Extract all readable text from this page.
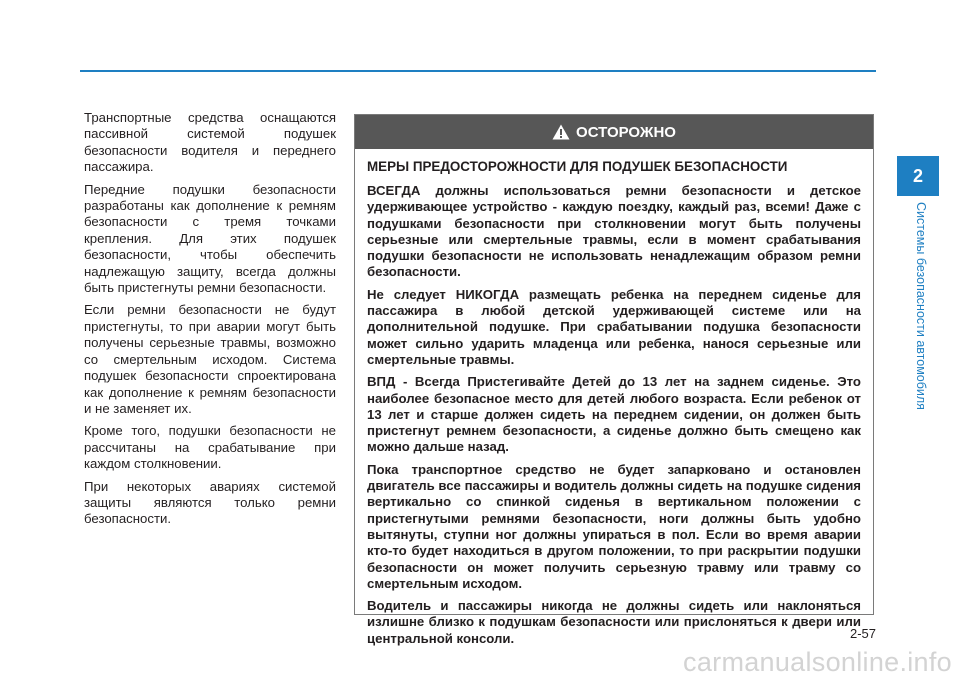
Транспортные средства оснащаются пассивной системой подушек безопасности водителя и переднего пассажира.

Передние подушки безопасности разработаны как дополнение к ремням безопасности с тремя точками крепления. Для этих подушек безопасности, чтобы обеспечить надлежащую защиту, всегда должны быть пристегнуты ремни безопасности.

Если ремни безопасности не будут пристегнуты, то при аварии могут быть получены серьезные травмы, возможно со смертельным исходом. Система подушек безопасности спроектирована как дополнение к ремням безопасности и не заменяет их.

Кроме того, подушки безопасности не рассчитаны на срабатывание при каждом столкновении.

При некоторых авариях системой защиты являются только ремни безопасности.

ОСТОРОЖНО
МЕРЫ ПРЕДОСТОРОЖНОСТИ ДЛЯ ПОДУШЕК БЕЗОПАСНОСТИ

ВСЕГДА должны использоваться ремни безопасности и детское удерживающее устройство - каждую поездку, каждый раз, всеми! Даже с подушками безопасности при столкновении могут быть получены серьезные или смертельные травмы, если в момент срабатывания подушки безопасности не использовать ненадлежащим образом ремни безопасности.

Не следует НИКОГДА размещать ребенка на переднем сиденье для пассажира в любой детской удерживающей системе или на дополнительной подушке. При срабатывании подушка безопасности может сильно ударить младенца или ребенка, нанося серьезные или смертельные травмы.

ВПД - Всегда Пристегивайте Детей до 13 лет на заднем сиденье. Это наиболее безопасное место для детей любого возраста. Если ребенок от 13 лет и старше должен сидеть на переднем сидении, он должен быть пристегнут ремнем безопасности, а сиденье должно быть смещено как можно дальше назад.

Пока транспортное средство не будет запарковано и остановлен двигатель все пассажиры и водитель должны сидеть на подушке сидения вертикально со спинкой сиденья в вертикальном положении с пристегнутыми ремнями безопасности, ноги должны быть удобно вытянуты, ступни ног должны упираться в пол. Если во время аварии кто-то будет находиться в другом положении, то при раскрытии подушки безопасности он может получить серьезную травму или травму со смертельным исходом.

Водитель и пассажиры никогда не должны сидеть или наклоняться излишне близко к подушкам безопасности или прислоняться к двери или центральной консоли.

2
Системы безопасности автомобиля
2-57
carmanualsonline.info
